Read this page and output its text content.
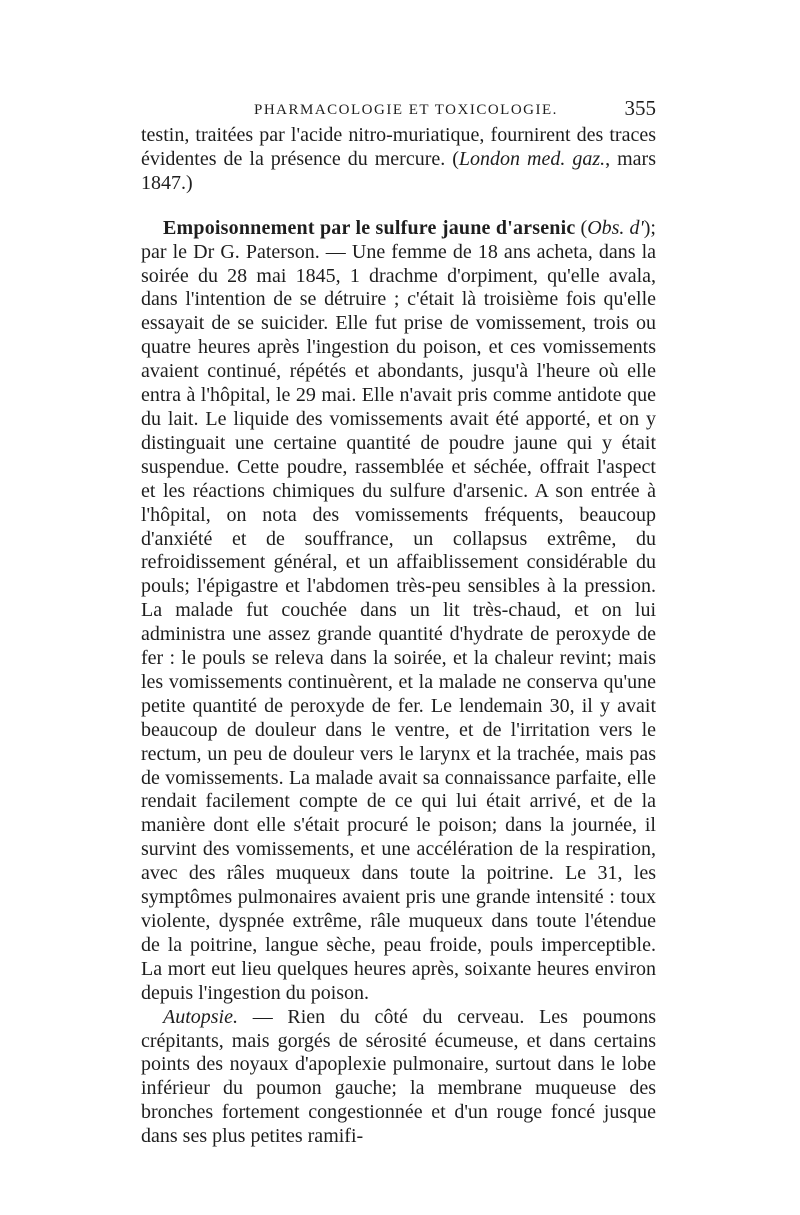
PHARMACOLOGIE ET TOXICOLOGIE.	355

testin, traitées par l'acide nitro-muriatique, fournirent des traces évidentes de la présence du mercure. (London med. gaz., mars 1847.)

Empoisonnement par le sulfure jaune d'arsenic (Obs. d'); par le Dr G. Paterson. — Une femme de 18 ans acheta, dans la soirée du 28 mai 1845, 1 drachme d'orpiment, qu'elle avala, dans l'intention de se détruire ; c'était là troisième fois qu'elle essayait de se suicider. Elle fut prise de vomissement, trois ou quatre heures après l'ingestion du poison, et ces vomissements avaient continué, répétés et abondants, jusqu'à l'heure où elle entra à l'hôpital, le 29 mai. Elle n'avait pris comme antidote que du lait. Le liquide des vomissements avait été apporté, et on y distinguait une certaine quantité de poudre jaune qui y était suspendue. Cette poudre, rassemblée et séchée, offrait l'aspect et les réactions chimiques du sulfure d'arsenic. A son entrée à l'hôpital, on nota des vomissements fréquents, beaucoup d'anxiété et de souffrance, un collapsus extrême, du refroidissement général, et un affaiblissement considérable du pouls; l'épigastre et l'abdomen très-peu sensibles à la pression. La malade fut couchée dans un lit très-chaud, et on lui administra une assez grande quantité d'hydrate de peroxyde de fer : le pouls se releva dans la soirée, et la chaleur revint; mais les vomissements continuèrent, et la malade ne conserva qu'une petite quantité de peroxyde de fer. Le lendemain 30, il y avait beaucoup de douleur dans le ventre, et de l'irritation vers le rectum, un peu de douleur vers le larynx et la trachée, mais pas de vomissements. La malade avait sa connaissance parfaite, elle rendait facilement compte de ce qui lui était arrivé, et de la manière dont elle s'était procuré le poison; dans la journée, il survint des vomissements, et une accélération de la respiration, avec des râles muqueux dans toute la poitrine. Le 31, les symptômes pulmonaires avaient pris une grande intensité : toux violente, dyspnée extrême, râle muqueux dans toute l'étendue de la poitrine, langue sèche, peau froide, pouls imperceptible. La mort eut lieu quelques heures après, soixante heures environ depuis l'ingestion du poison.

Autopsie. — Rien du côté du cerveau. Les poumons crépitants, mais gorgés de sérosité écumeuse, et dans certains points des noyaux d'apoplexie pulmonaire, surtout dans le lobe inférieur du poumon gauche; la membrane muqueuse des bronches fortement congestionnée et d'un rouge foncé jusque dans ses plus petites ramifi-
